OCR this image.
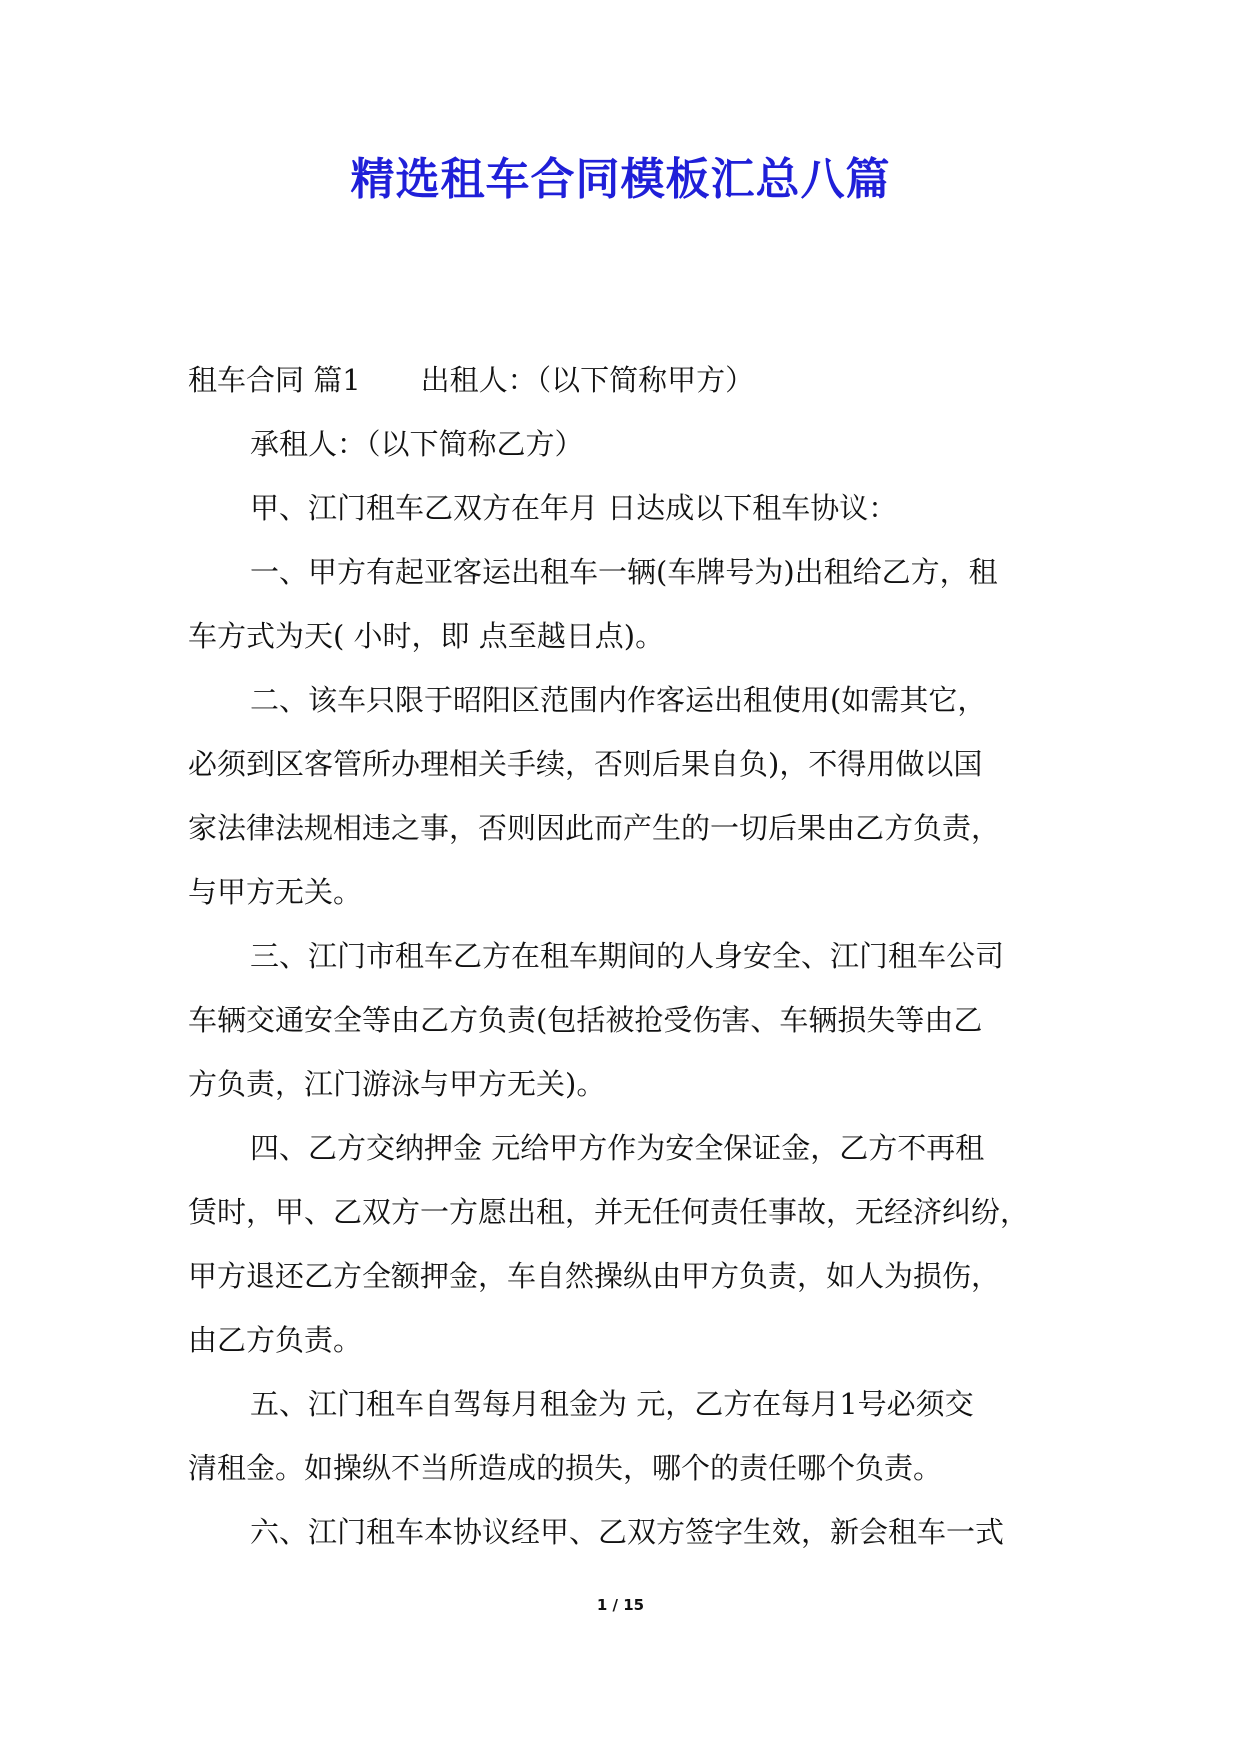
精选租车合同模板汇总八篇
租车合同 篇1 出租人：（以下简称甲方）
承租人：（以下简称乙方）
甲、江门租车乙双方在年月 日达成以下租车协议：
一、甲方有起亚客运出租车一辆(车牌号为)出租给乙方，租
车方式为天( 小时，即 点至越日点)。
二、该车只限于昭阳区范围内作客运出租使用(如需其它，
必须到区客管所办理相关手续，否则后果自负)，不得用做以国
家法律法规相违之事，否则因此而产生的一切后果由乙方负责，
与甲方无关。
三、江门市租车乙方在租车期间的人身安全、江门租车公司
车辆交通安全等由乙方负责(包括被抢受伤害、车辆损失等由乙
方负责，江门游泳与甲方无关)。
四、乙方交纳押金 元给甲方作为安全保证金，乙方不再租
赁时，甲、乙双方一方愿出租，并无任何责任事故，无经济纠纷，
甲方退还乙方全额押金，车自然操纵由甲方负责，如人为损伤，
由乙方负责。
五、江门租车自驾每月租金为 元，乙方在每月1号必须交
清租金。如操纵不当所造成的损失，哪个的责任哪个负责。
六、江门租车本协议经甲、乙双方签字生效，新会租车一式
1 / 15
